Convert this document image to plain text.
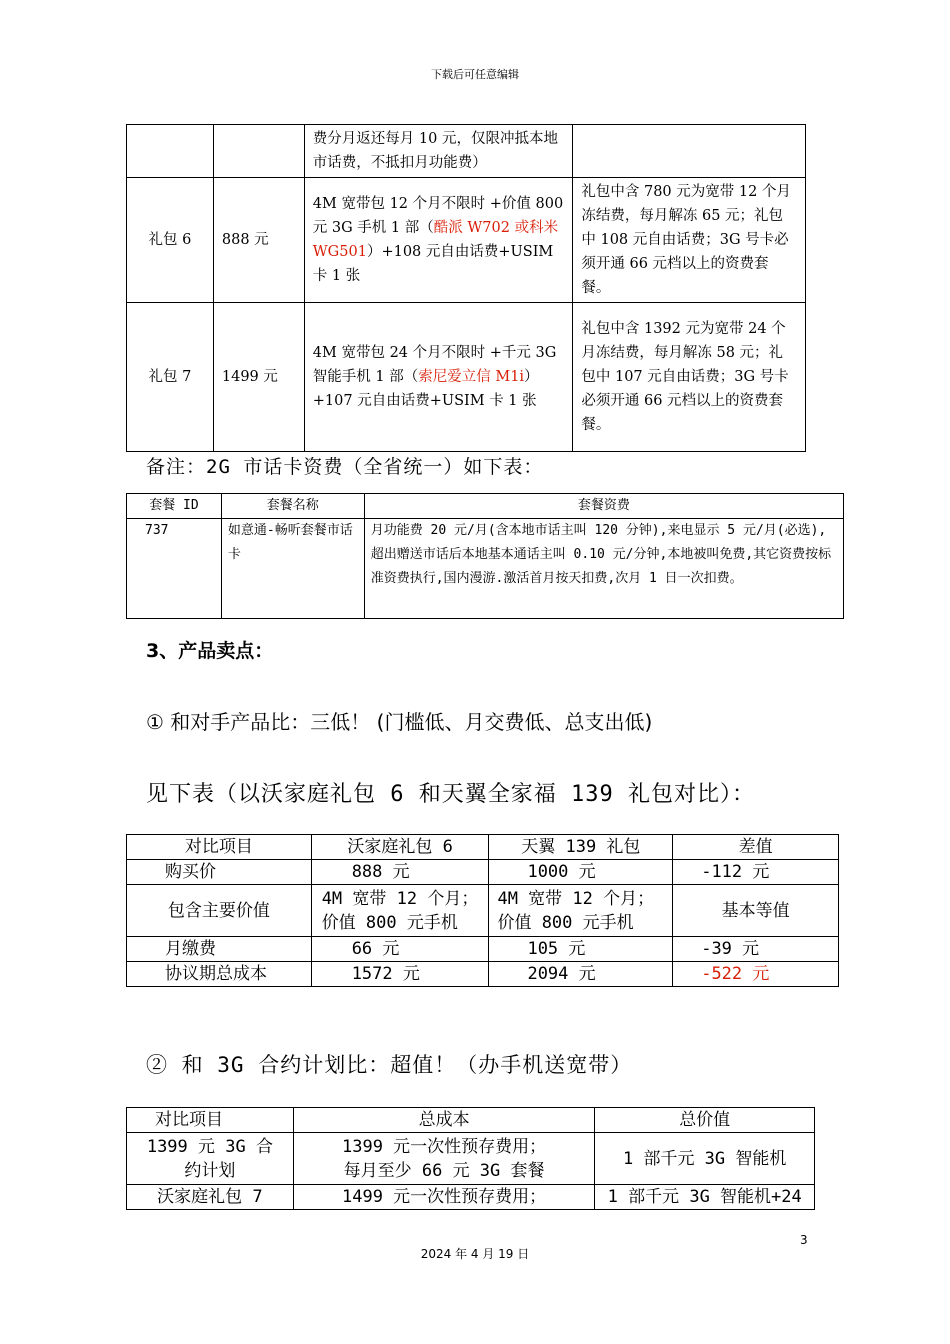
下载后可任意编辑
		费分月返还每月 10 元，仅限冲抵本地市话费，不抵扣月功能费）	
礼包 6	888 元	4M 宽带包 12 个月不限时 +价值 800 元 3G 手机 1 部（酷派 W702 或科米 WG501）+108 元自由话费+USIM 卡 1 张	礼包中含 780 元为宽带 12 个月冻结费，每月解冻 65 元；礼包中 108 元自由话费；3G 号卡必须开通 66 元档以上的资费套餐。
礼包 7	1499 元	4M 宽带包 24 个月不限时 +千元 3G 智能手机 1 部（索尼爱立信 M1i）+107 元自由话费+USIM 卡 1 张	礼包中含 1392 元为宽带 24 个月冻结费，每月解冻 58 元；礼包中 107 元自由话费；3G 号卡必须开通 66 元档以上的资费套餐。
备注：2G 市话卡资费（全省统一）如下表：
套餐 ID	套餐名称	套餐资费
737	如意通-畅听套餐市话卡	月功能费 20 元/月(含本地市话主叫 120 分钟),来电显示 5 元/月(必选),超出赠送市话后本地基本通话主叫 0.10 元/分钟,本地被叫免费,其它资费按标准资费执行,国内漫游.激活首月按天扣费,次月 1 日一次扣费。
3、产品卖点：
① 和对手产品比：三低！ (门槛低、月交费低、总支出低)
见下表（以沃家庭礼包 6 和天翼全家福 139 礼包对比）：
对比项目	沃家庭礼包 6	天翼 139 礼包	差值
购买价	888 元	1000 元	-112 元
包含主要价值	4M 宽带 12 个月；价值 800 元手机	4M 宽带 12 个月；价值 800 元手机	基本等值
月缴费	66 元	105 元	-39 元
协议期总成本	1572 元	2094 元	-522 元
② 和 3G 合约计划比：超值！（办手机送宽带）
对比项目	总成本	总价值
1399 元 3G 合约计划	1399 元一次性预存费用；每月至少 66 元 3G 套餐	1 部千元 3G 智能机
沃家庭礼包 7	1499 元一次性预存费用；	1 部千元 3G 智能机+24
3
2024 年 4 月 19 日
